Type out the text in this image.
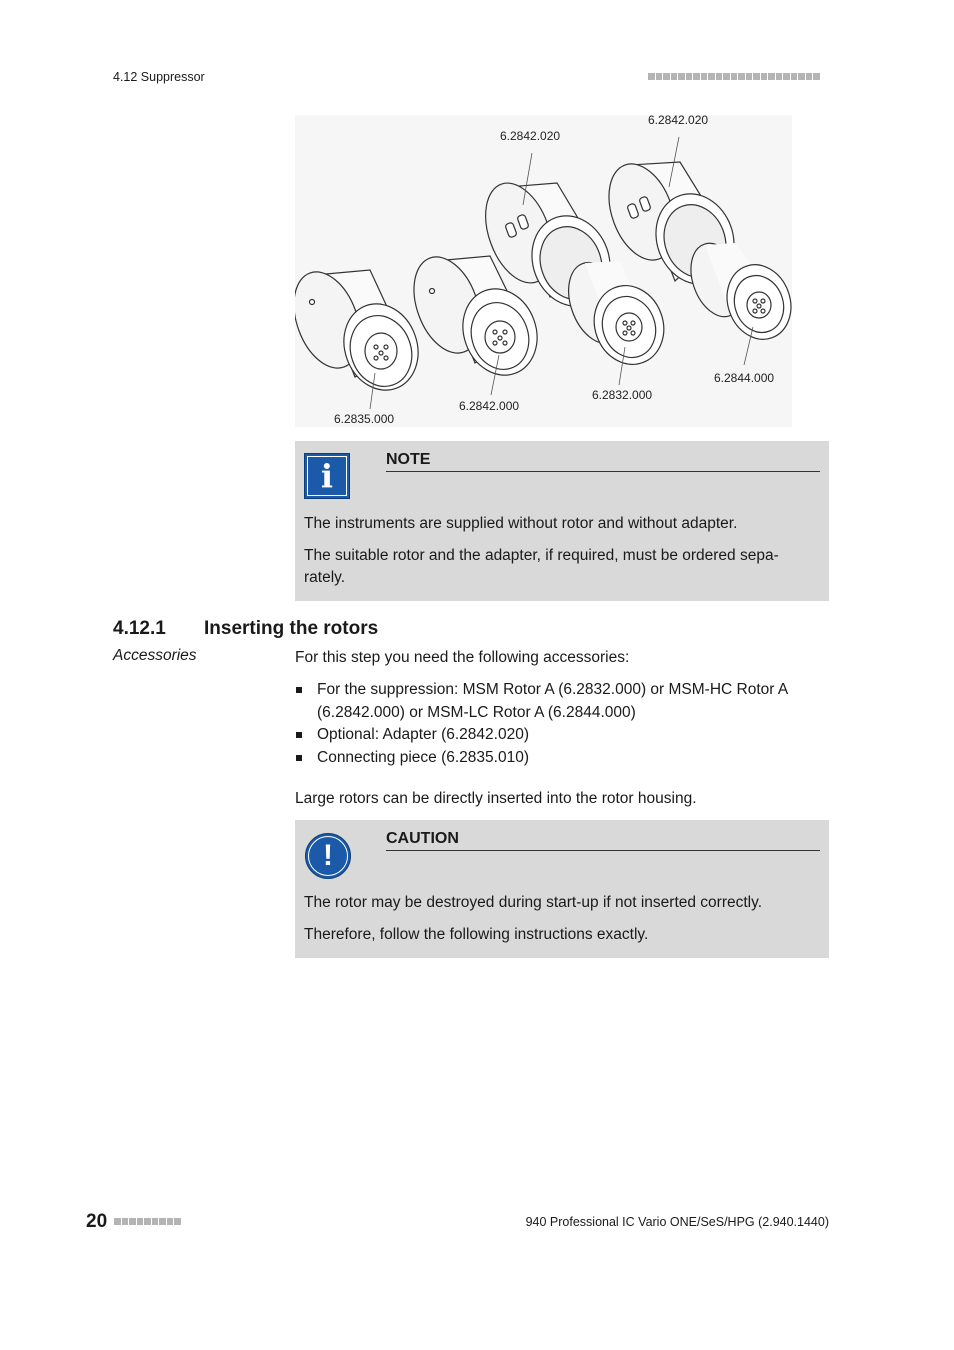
4.12 Suppressor
6.2842.020
6.2842.020
6.2835.000
6.2842.000
6.2832.000
6.2844.000
i	NOTE
The instruments are supplied without rotor and without adapter.
The suitable rotor and the adapter, if required, must be ordered sepa-
rately.
4.12.1 Inserting the rotors
Accessories	For this step you need the following accessories:
For the suppression: MSM Rotor A (6.2832.000) or MSM-HC Rotor A (6.2842.000) or MSM-LC Rotor A (6.2844.000)
Optional: Adapter (6.2842.020)
Connecting piece (6.2835.010)
Large rotors can be directly inserted into the rotor housing.
!
CAUTION
The rotor may be destroyed during start-up if not inserted correctly.
Therefore, follow the following instructions exactly.
20	940 Professional IC Vario ONE/SeS/HPG (2.940.1440)
